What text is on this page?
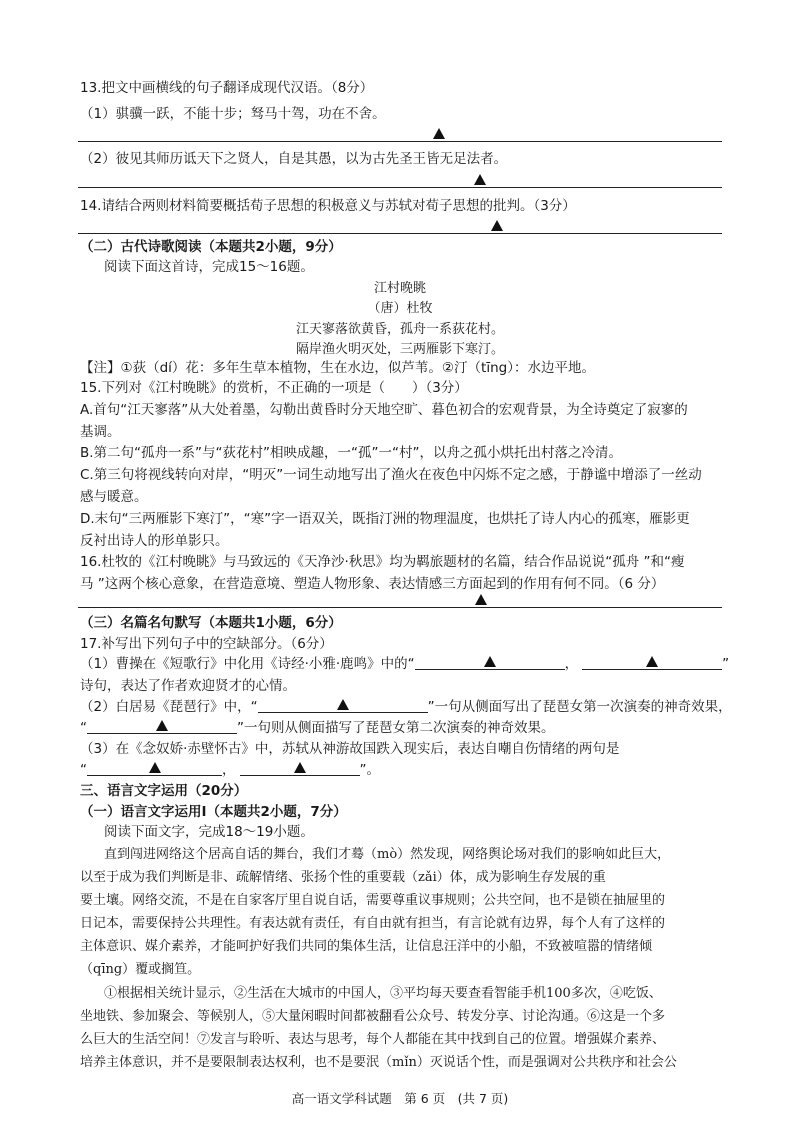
13.把文中画横线的句子翻译成现代汉语。（8分）
（1）骐骥一跃，不能十步；驽马十驾，功在不舍。
（2）彼见其师历诋天下之贤人，自是其愚，以为古先圣王皆无足法者。
14.请结合两则材料简要概括荀子思想的积极意义与苏轼对荀子思想的批判。（3分）
（二）古代诗歌阅读（本题共2小题，9分）
阅读下面这首诗，完成15～16题。
江村晚眺
（唐）杜牧
江天寥落欲黄昏，孤舟一系荻花村。
隔岸渔火明灭处，三两雁影下寒汀。
【注】①荻（dí）花：多年生草本植物，生在水边，似芦苇。②汀（tīng）：水边平地。
15.下列对《江村晚眺》的赏析，不正确的一项是（　　）（3分）
A.首句“江天寥落”从大处着墨，勾勒出黄昏时分天地空旷、暮色初合的宏观背景，为全诗奠定了寂寥的
基调。
B.第二句“孤舟一系”与“荻花村”相映成趣，一“孤”一“村”，以舟之孤小烘托出村落之冷清。
C.第三句将视线转向对岸，“明灭”一词生动地写出了渔火在夜色中闪烁不定之感，于静谧中增添了一丝动
感与暖意。
D.末句“三两雁影下寒汀”，“寒”字一语双关，既指汀洲的物理温度，也烘托了诗人内心的孤寒，雁影更
反衬出诗人的形单影只。
16.杜牧的《江村晚眺》与马致远的《天净沙·秋思》均为羁旅题材的名篇，结合作品说说“孤舟 ”和“瘦
马 ”这两个核心意象，在营造意境、塑造人物形象、表达情感三方面起到的作用有何不同。（6 分）
（三）名篇名句默写（本题共1小题，6分）
17.补写出下列句子中的空缺部分。（6分）
（1）曹操在《短歌行》中化用《诗经·小雅·鹿鸣》中的“	，	”
诗句，表达了作者欢迎贤才的心情。
（2）白居易《琵琶行》中，“	”一句从侧面写出了琵琶女第一次演奏的神奇效果，
“	”一句则从侧面描写了琵琶女第二次演奏的神奇效果。
（3）在《念奴娇·赤壁怀古》中，苏轼从神游故国跌入现实后，表达自嘲自伤情绪的两句是
“	，	”。
三、语言文字运用（20分）
（一）语言文字运用Ⅰ（本题共2小题，7分）
阅读下面文字，完成18～19小题。
直到闯进网络这个居高自话的舞台，我们才蓦（mò）然发现，网络舆论场对我们的影响如此巨大，
以至于成为我们判断是非、疏解情绪、张扬个性的重要载（zǎi）体，成为影响生存发展的重
要土壤。网络交流，不是在自家客厅里自说自话，需要尊重议事规则；公共空间，也不是锁在抽屉里的
日记本，需要保持公共理性。有表达就有责任，有自由就有担当，有言论就有边界，每个人有了这样的
主体意识、媒介素养，才能呵护好我们共同的集体生活，让信息汪洋中的小船，不致被喧嚣的情绪倾
（qīng）覆或搁笪。
①根据相关统计显示，②生活在大城市的中国人，③平均每天要查看智能手机100多次，④吃饭、
坐地铁、参加聚会、等候别人，⑤大量闲暇时间都被翻看公众号、转发分享、讨论沟通。⑥这是一个多
么巨大的生活空间！⑦发言与聆听、表达与思考，每个人都能在其中找到自己的位置。增强媒介素养、
培养主体意识，并不是要限制表达权利，也不是要泯（mǐn）灭说话个性，而是强调对公共秩序和社会公
高一语文学科试题　第 6 页　(共 7 页)
